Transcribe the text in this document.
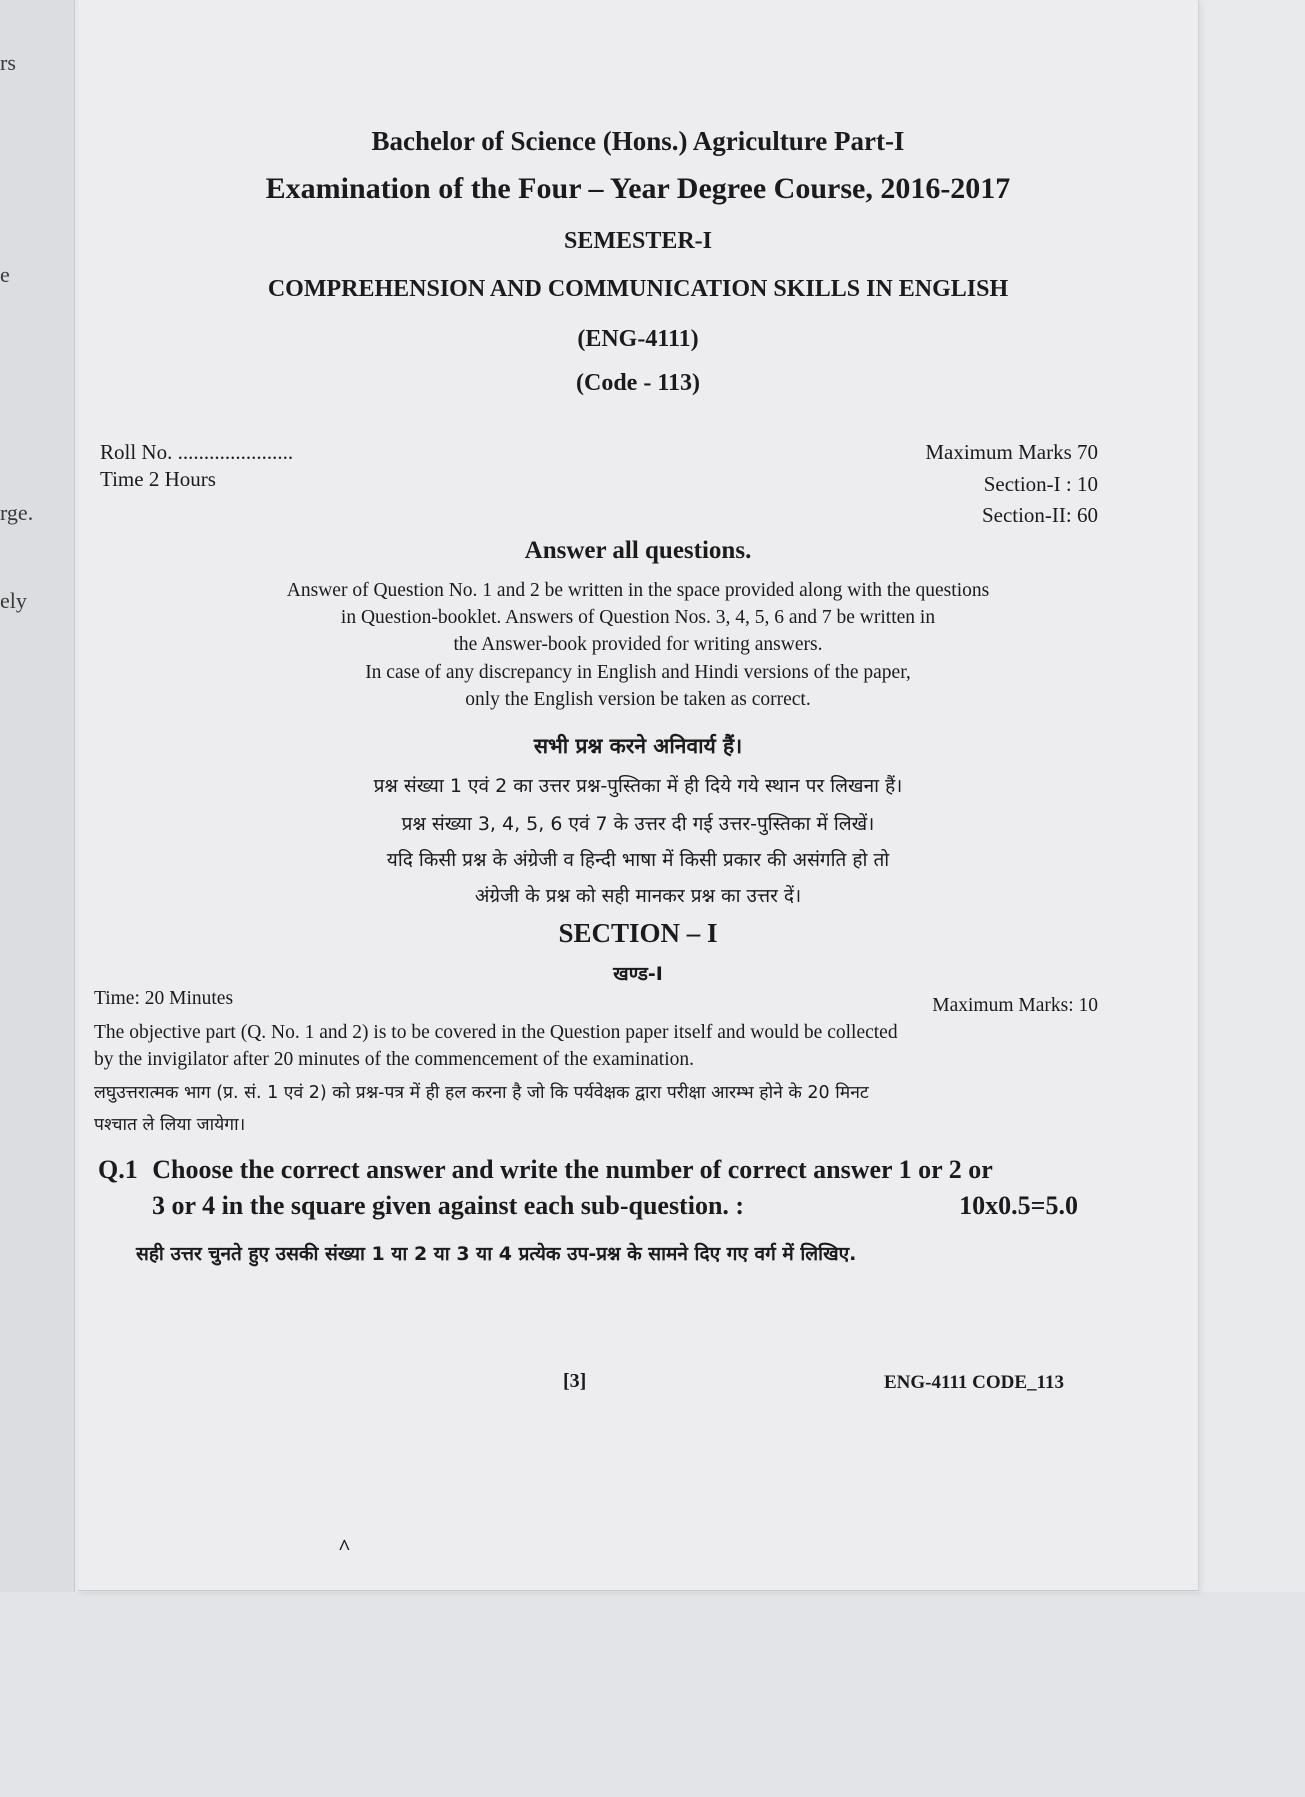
rs
e
rge.
ely
Bachelor of Science (Hons.) Agriculture Part-I
Examination of the Four – Year Degree Course, 2016-2017
SEMESTER-I
COMPREHENSION AND COMMUNICATION SKILLS IN ENGLISH
(ENG-4111)
(Code - 113)
Roll No. ......................
Time 2 Hours
Maximum Marks 70
Section-I : 10
Section-II: 60
Answer all questions.
Answer of Question No. 1 and 2 be written in the space provided along with the questions
in Question-booklet. Answers of Question Nos. 3, 4, 5, 6 and 7 be written in
the Answer-book provided for writing answers.
In case of any discrepancy in English and Hindi versions of the paper,
only the English version be taken as correct.
सभी प्रश्न करने अनिवार्य हैं।
प्रश्न संख्या 1 एवं 2 का उत्तर प्रश्न-पुस्तिका में ही दिये गये स्थान पर लिखना हैं।
प्रश्न संख्या 3, 4, 5, 6 एवं 7 के उत्तर दी गई उत्तर-पुस्तिका में लिखें।
यदि किसी प्रश्न के अंग्रेजी व हिन्दी भाषा में किसी प्रकार की असंगति हो तो
अंग्रेजी के प्रश्न को सही मानकर प्रश्न का उत्तर दें।
SECTION – I
खण्ड-I
Time: 20 Minutes	Maximum Marks: 10
The objective part (Q. No. 1 and 2) is to be covered in the Question paper itself and would be collected
by the invigilator after 20 minutes of the commencement of the examination.
लघुउत्तरात्मक भाग (प्र. सं. 1 एवं 2) को प्रश्न-पत्र में ही हल करना है जो कि पर्यवेक्षक द्वारा परीक्षा आरम्भ होने के 20 मिनट
पश्चात ले लिया जायेगा।
Q.1 Choose the correct answer and write the number of correct answer 1 or 2 or
3 or 4 in the square given against each sub-question. :	10x0.5=5.0
सही उत्तर चुनते हुए उसकी संख्या 1 या 2 या 3 या 4 प्रत्येक उप-प्रश्न के सामने दिए गए वर्ग में लिखिए.
[3]	ENG-4111 CODE_113
^
